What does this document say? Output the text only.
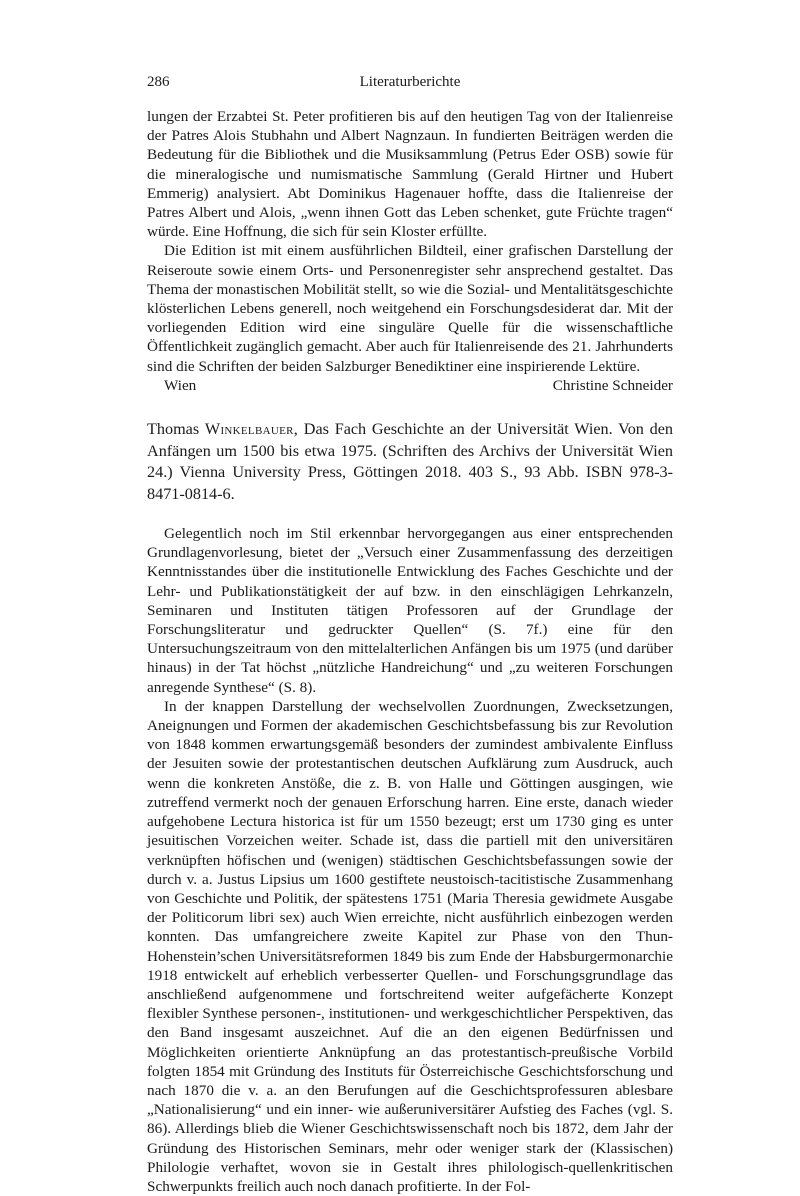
286	Literaturberichte

lungen der Erzabtei St. Peter profitieren bis auf den heutigen Tag von der Italienreise der Patres Alois Stubhahn und Albert Nagnzaun. In fundierten Beiträgen werden die Bedeutung für die Bibliothek und die Musiksammlung (Petrus Eder OSB) sowie für die mineralogische und numismatische Sammlung (Gerald Hirtner und Hubert Emmerig) analysiert. Abt Dominikus Hagenauer hoffte, dass die Italienreise der Patres Albert und Alois, „wenn ihnen Gott das Leben schenket, gute Früchte tragen“ würde. Eine Hoffnung, die sich für sein Kloster erfüllte.

Die Edition ist mit einem ausführlichen Bildteil, einer grafischen Darstellung der Reiseroute sowie einem Orts- und Personenregister sehr ansprechend gestaltet. Das Thema der monastischen Mobilität stellt, so wie die Sozial- und Mentalitätsgeschichte klösterlichen Lebens generell, noch weitgehend ein Forschungsdesiderat dar. Mit der vorliegenden Edition wird eine singuläre Quelle für die wissenschaftliche Öffentlichkeit zugänglich gemacht. Aber auch für Italienreisende des 21. Jahrhunderts sind die Schriften der beiden Salzburger Benediktiner eine inspirierende Lektüre.

Wien	Christine Schneider
Thomas Winkelbauer, Das Fach Geschichte an der Universität Wien. Von den Anfängen um 1500 bis etwa 1975. (Schriften des Archivs der Universität Wien 24.) Vienna University Press, Göttingen 2018. 403 S., 93 Abb. ISBN 978-3-8471-0814-6.

Gelegentlich noch im Stil erkennbar hervorgegangen aus einer entsprechenden Grundlagenvorlesung, bietet der „Versuch einer Zusammenfassung des derzeitigen Kenntnisstandes über die institutionelle Entwicklung des Faches Geschichte und der Lehr- und Publikationstätigkeit der auf bzw. in den einschlägigen Lehrkanzeln, Seminaren und Instituten tätigen Professoren auf der Grundlage der Forschungsliteratur und gedruckter Quellen“ (S. 7f.) eine für den Untersuchungszeitraum von den mittelalterlichen Anfängen bis um 1975 (und darüber hinaus) in der Tat höchst „nützliche Handreichung“ und „zu weiteren Forschungen anregende Synthese“ (S. 8).

In der knappen Darstellung der wechselvollen Zuordnungen, Zwecksetzungen, Aneignungen und Formen der akademischen Geschichtsbefassung bis zur Revolution von 1848 kommen erwartungsgemäß besonders der zumindest ambivalente Einfluss der Jesuiten sowie der protestantischen deutschen Aufklärung zum Ausdruck, auch wenn die konkreten Anstöße, die z. B. von Halle und Göttingen ausgingen, wie zutreffend vermerkt noch der genauen Erforschung harren. Eine erste, danach wieder aufgehobene Lectura historica ist für um 1550 bezeugt; erst um 1730 ging es unter jesuitischen Vorzeichen weiter. Schade ist, dass die partiell mit den universitären verknüpften höfischen und (wenigen) städtischen Geschichtsbefassungen sowie der durch v. a. Justus Lipsius um 1600 gestiftete neustoisch-tacitistische Zusammenhang von Geschichte und Politik, der spätestens 1751 (Maria Theresia gewidmete Ausgabe der Politicorum libri sex) auch Wien erreichte, nicht ausführlich einbezogen werden konnten. Das umfangreichere zweite Kapitel zur Phase von den Thun-Hohenstein’schen Universitätsreformen 1849 bis zum Ende der Habsburgermonarchie 1918 entwickelt auf erheblich verbesserter Quellen- und Forschungsgrundlage das anschließend aufgenommene und fortschreitend weiter aufgefächerte Konzept flexibler Synthese personen-, institutionen- und werkgeschichtlicher Perspektiven, das den Band insgesamt auszeichnet. Auf die an den eigenen Bedürfnissen und Möglichkeiten orientierte Anknüpfung an das protestantisch-preußische Vorbild folgten 1854 mit Gründung des Instituts für Österreichische Geschichtsforschung und nach 1870 die v. a. an den Berufungen auf die Geschichtsprofessuren ablesbare „Nationalisierung“ und ein inner- wie außeruniversitärer Aufstieg des Faches (vgl. S. 86). Allerdings blieb die Wiener Geschichtswissenschaft noch bis 1872, dem Jahr der Gründung des Historischen Seminars, mehr oder weniger stark der (Klassischen) Philologie verhaftet, wovon sie in Gestalt ihres philologisch-quellenkritischen Schwerpunkts freilich auch noch danach profitierte. In der Fol-
